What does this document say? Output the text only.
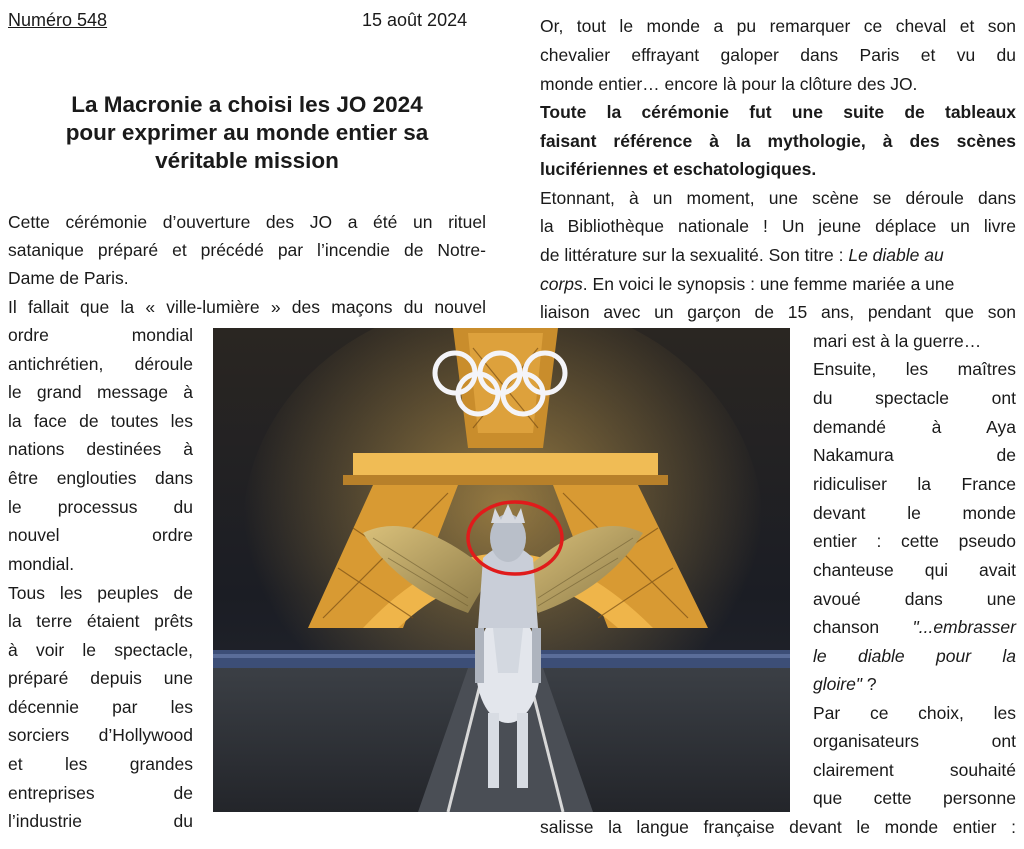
Numéro 548	15 août 2024
La Macronie a choisi les JO 2024
pour exprimer au monde entier sa
véritable mission
Cette cérémonie d’ouverture des JO a été un rituel
satanique préparé et précédé par l’incendie de Notre-
Dame de Paris.
Il fallait que la « ville-lumière » des maçons du nouvel
ordre mondial
antichrétien, déroule
le grand message à
la face de toutes les
nations destinées à
être englouties dans
le processus du
nouvel ordre
mondial.
Tous les peuples de
la terre étaient prêts
à voir le spectacle,
préparé depuis une
décennie par les
sorciers d’Hollywood
et les grandes
entreprises de
l’industrie du
Or, tout le monde a pu remarquer ce cheval et son
chevalier effrayant galoper dans Paris et vu du
monde entier… encore là pour la clôture des JO.
Toute la cérémonie fut une suite de tableaux
faisant référence à la mythologie, à des scènes
lucifériennes et eschatologiques.
Etonnant, à un moment, une scène se déroule dans
la Bibliothèque nationale ! Un jeune déplace un livre
de littérature sur la sexualité. Son titre : Le diable au
corps. En voici le synopsis : une femme mariée a une
liaison avec un garçon de 15 ans, pendant que son
mari est à la guerre…
Ensuite, les maîtres
du spectacle ont
demandé à Aya
Nakamura de
ridiculiser la France
devant le monde
entier : cette pseudo
chanteuse qui avait
avoué dans une
chanson "...embrasser
le diable pour la
gloire" ?
Par ce choix, les
organisateurs ont
clairement souhaité
que cette personne
salisse la langue française devant le monde entier :
